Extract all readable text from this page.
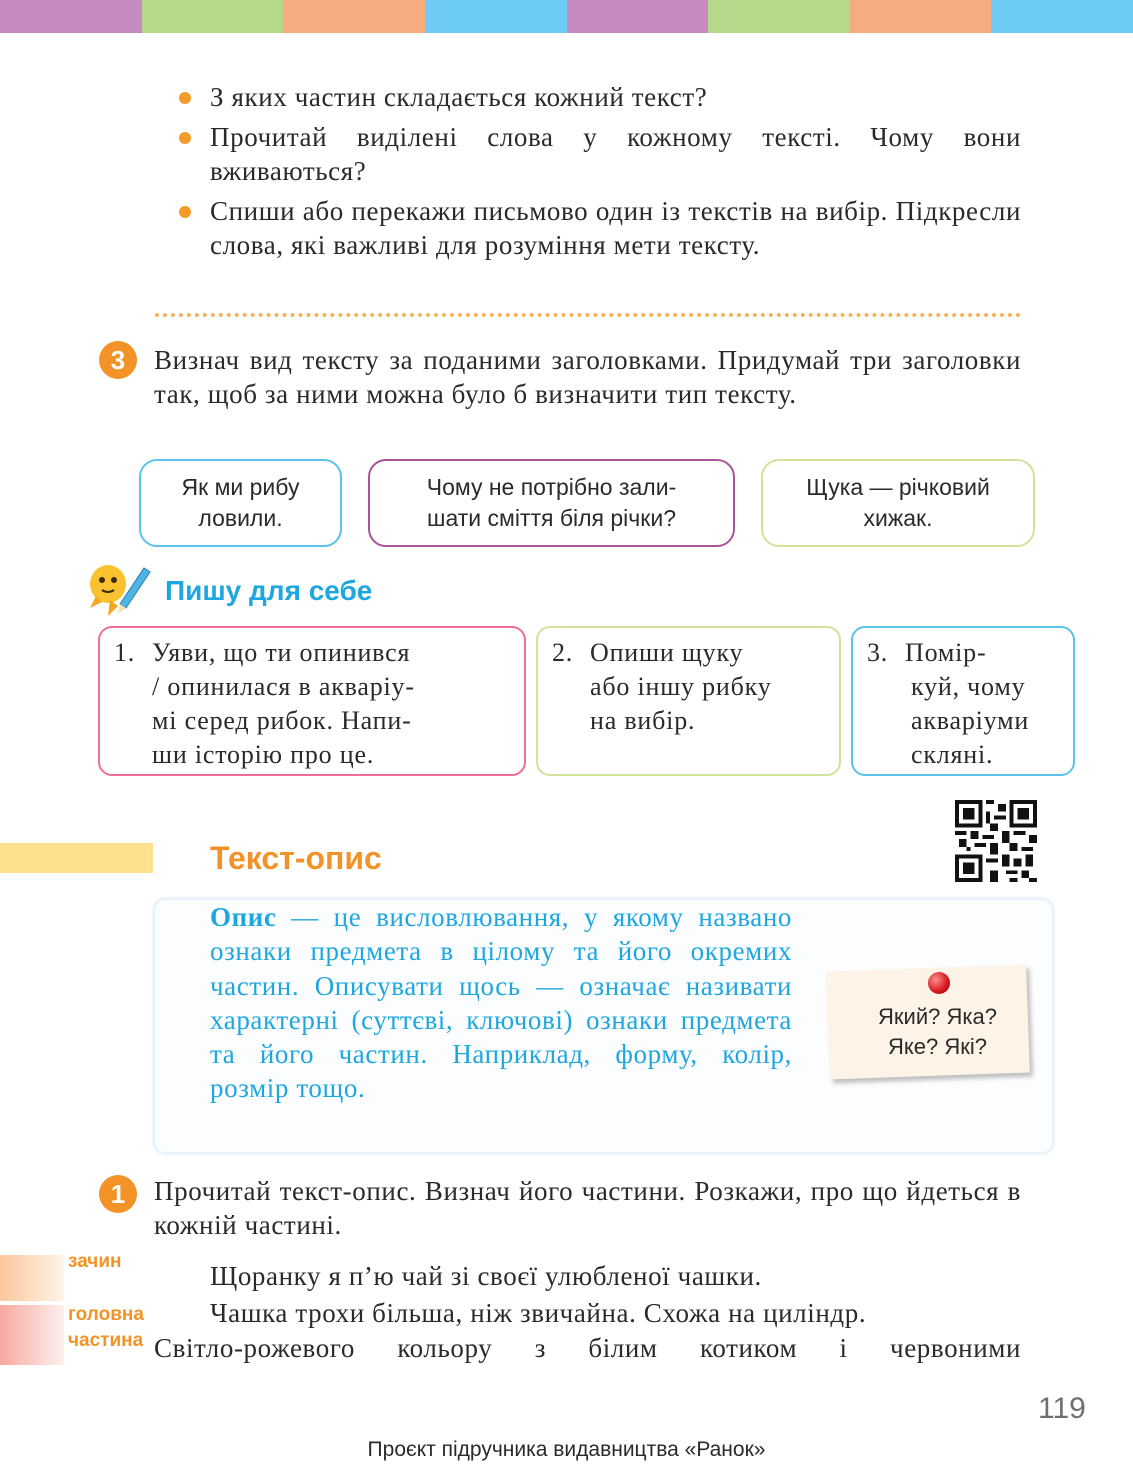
З яких частин складається кожний текст?
Прочитай виділені слова у кожному тексті. Чому вони вживаються?
Спиши або перекажи письмово один із текстів на вибір. Підкресли слова, які важливі для розуміння мети тексту.
3	Визнач вид тексту за поданими заголовками. Придумай три заголовки так, щоб за ними можна було б визначити тип тексту.
Як ми рибу
ловили.
Чому не потрібно зали-
шати сміття біля річки?
Щука — річковий
хижак.
Пишу для себе
1. Уяви, що ти опинився
/ опинилася в акваріу-
мі серед рибок. Напи-
ши історію про це.
2. Опиши щуку
або іншу рибку
на вибір.
3. Помір-
куй, чому
акваріуми
скляні.
Текст-опис
Опис — це висловлювання, у якому названо ознаки предмета в цілому та його окремих частин. Описувати щось — означає називати характерні (суттєві, ключові) ознаки предмета та його частин. Наприклад, форму, колір, розмір тощо.
Який? Яка?
Яке? Які?
1	Прочитай текст-опис. Визнач його частини. Розкажи, про що йдеться в кожній частині.
зачин
головна
частина
Щоранку я п’ю чай зі своєї улюбленої чашки.
Чашка трохи більша, ніж звичайна. Схожа на циліндр.
Світло-рожевого кольору з білим котиком і червоними
119
Проєкт підручника видавництва «Ранок»
